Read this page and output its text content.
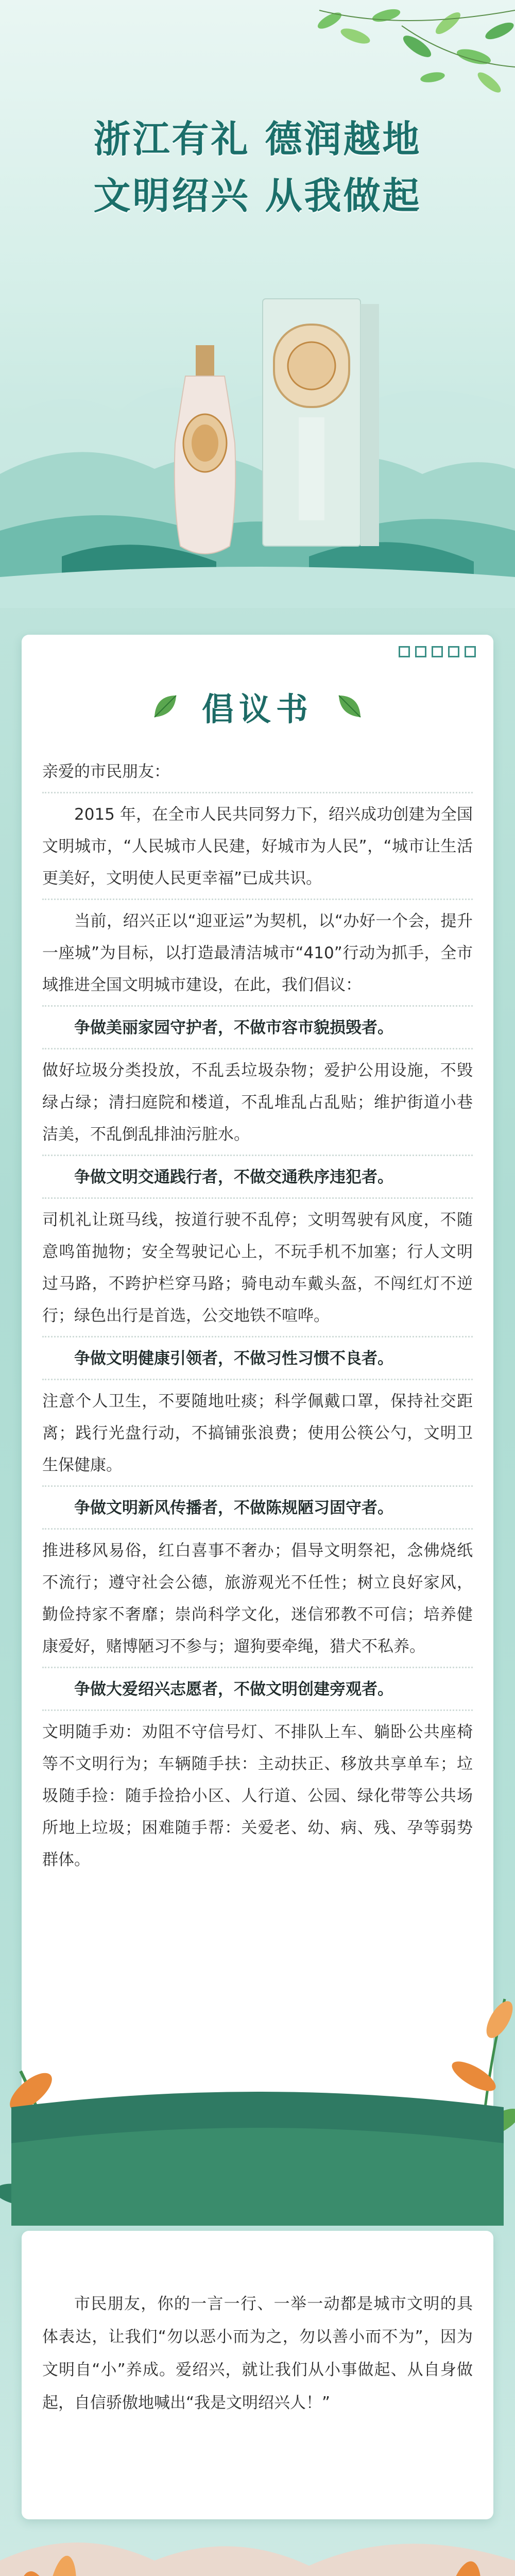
浙江有礼 德润越地
文明绍兴 从我做起
倡议书

亲爱的市民朋友：

2015 年，在全市人民共同努力下，绍兴成功创建为全国文明城市，“人民城市人民建，好城市为人民”，“城市让生活更美好，文明使人民更幸福”已成共识。

当前，绍兴正以“迎亚运”为契机，以“办好一个会，提升一座城”为目标，以打造最清洁城市“410”行动为抓手，全市域推进全国文明城市建设，在此，我们倡议：

争做美丽家园守护者，不做市容市貌损毁者。

做好垃圾分类投放，不乱丢垃圾杂物；爱护公用设施，不毁绿占绿；清扫庭院和楼道，不乱堆乱占乱贴；维护街道小巷洁美，不乱倒乱排油污脏水。

争做文明交通践行者，不做交通秩序违犯者。

司机礼让斑马线，按道行驶不乱停；文明驾驶有风度，不随意鸣笛抛物；安全驾驶记心上，不玩手机不加塞；行人文明过马路，不跨护栏穿马路；骑电动车戴头盔，不闯红灯不逆行；绿色出行是首选，公交地铁不喧哗。

争做文明健康引领者，不做习性习惯不良者。

注意个人卫生，不要随地吐痰；科学佩戴口罩，保持社交距离；践行光盘行动，不搞铺张浪费；使用公筷公勺，文明卫生保健康。

争做文明新风传播者，不做陈规陋习固守者。

推进移风易俗，红白喜事不奢办；倡导文明祭祀，念佛烧纸不流行；遵守社会公德，旅游观光不任性；树立良好家风，勤俭持家不奢靡；崇尚科学文化，迷信邪教不可信；培养健康爱好，赌博陋习不参与；遛狗要牵绳，猎犬不私养。

争做大爱绍兴志愿者，不做文明创建旁观者。

文明随手劝：劝阻不守信号灯、不排队上车、躺卧公共座椅等不文明行为；车辆随手扶：主动扶正、移放共享单车；垃圾随手捡：随手捡拾小区、人行道、公园、绿化带等公共场所地上垃圾；困难随手帮：关爱老、幼、病、残、孕等弱势群体。

市民朋友，你的一言一行、一举一动都是城市文明的具体表达，让我们“勿以恶小而为之，勿以善小而不为”，因为文明自“小”养成。爱绍兴，就让我们从小事做起、从自身做起，自信骄傲地喊出“我是文明绍兴人！”
